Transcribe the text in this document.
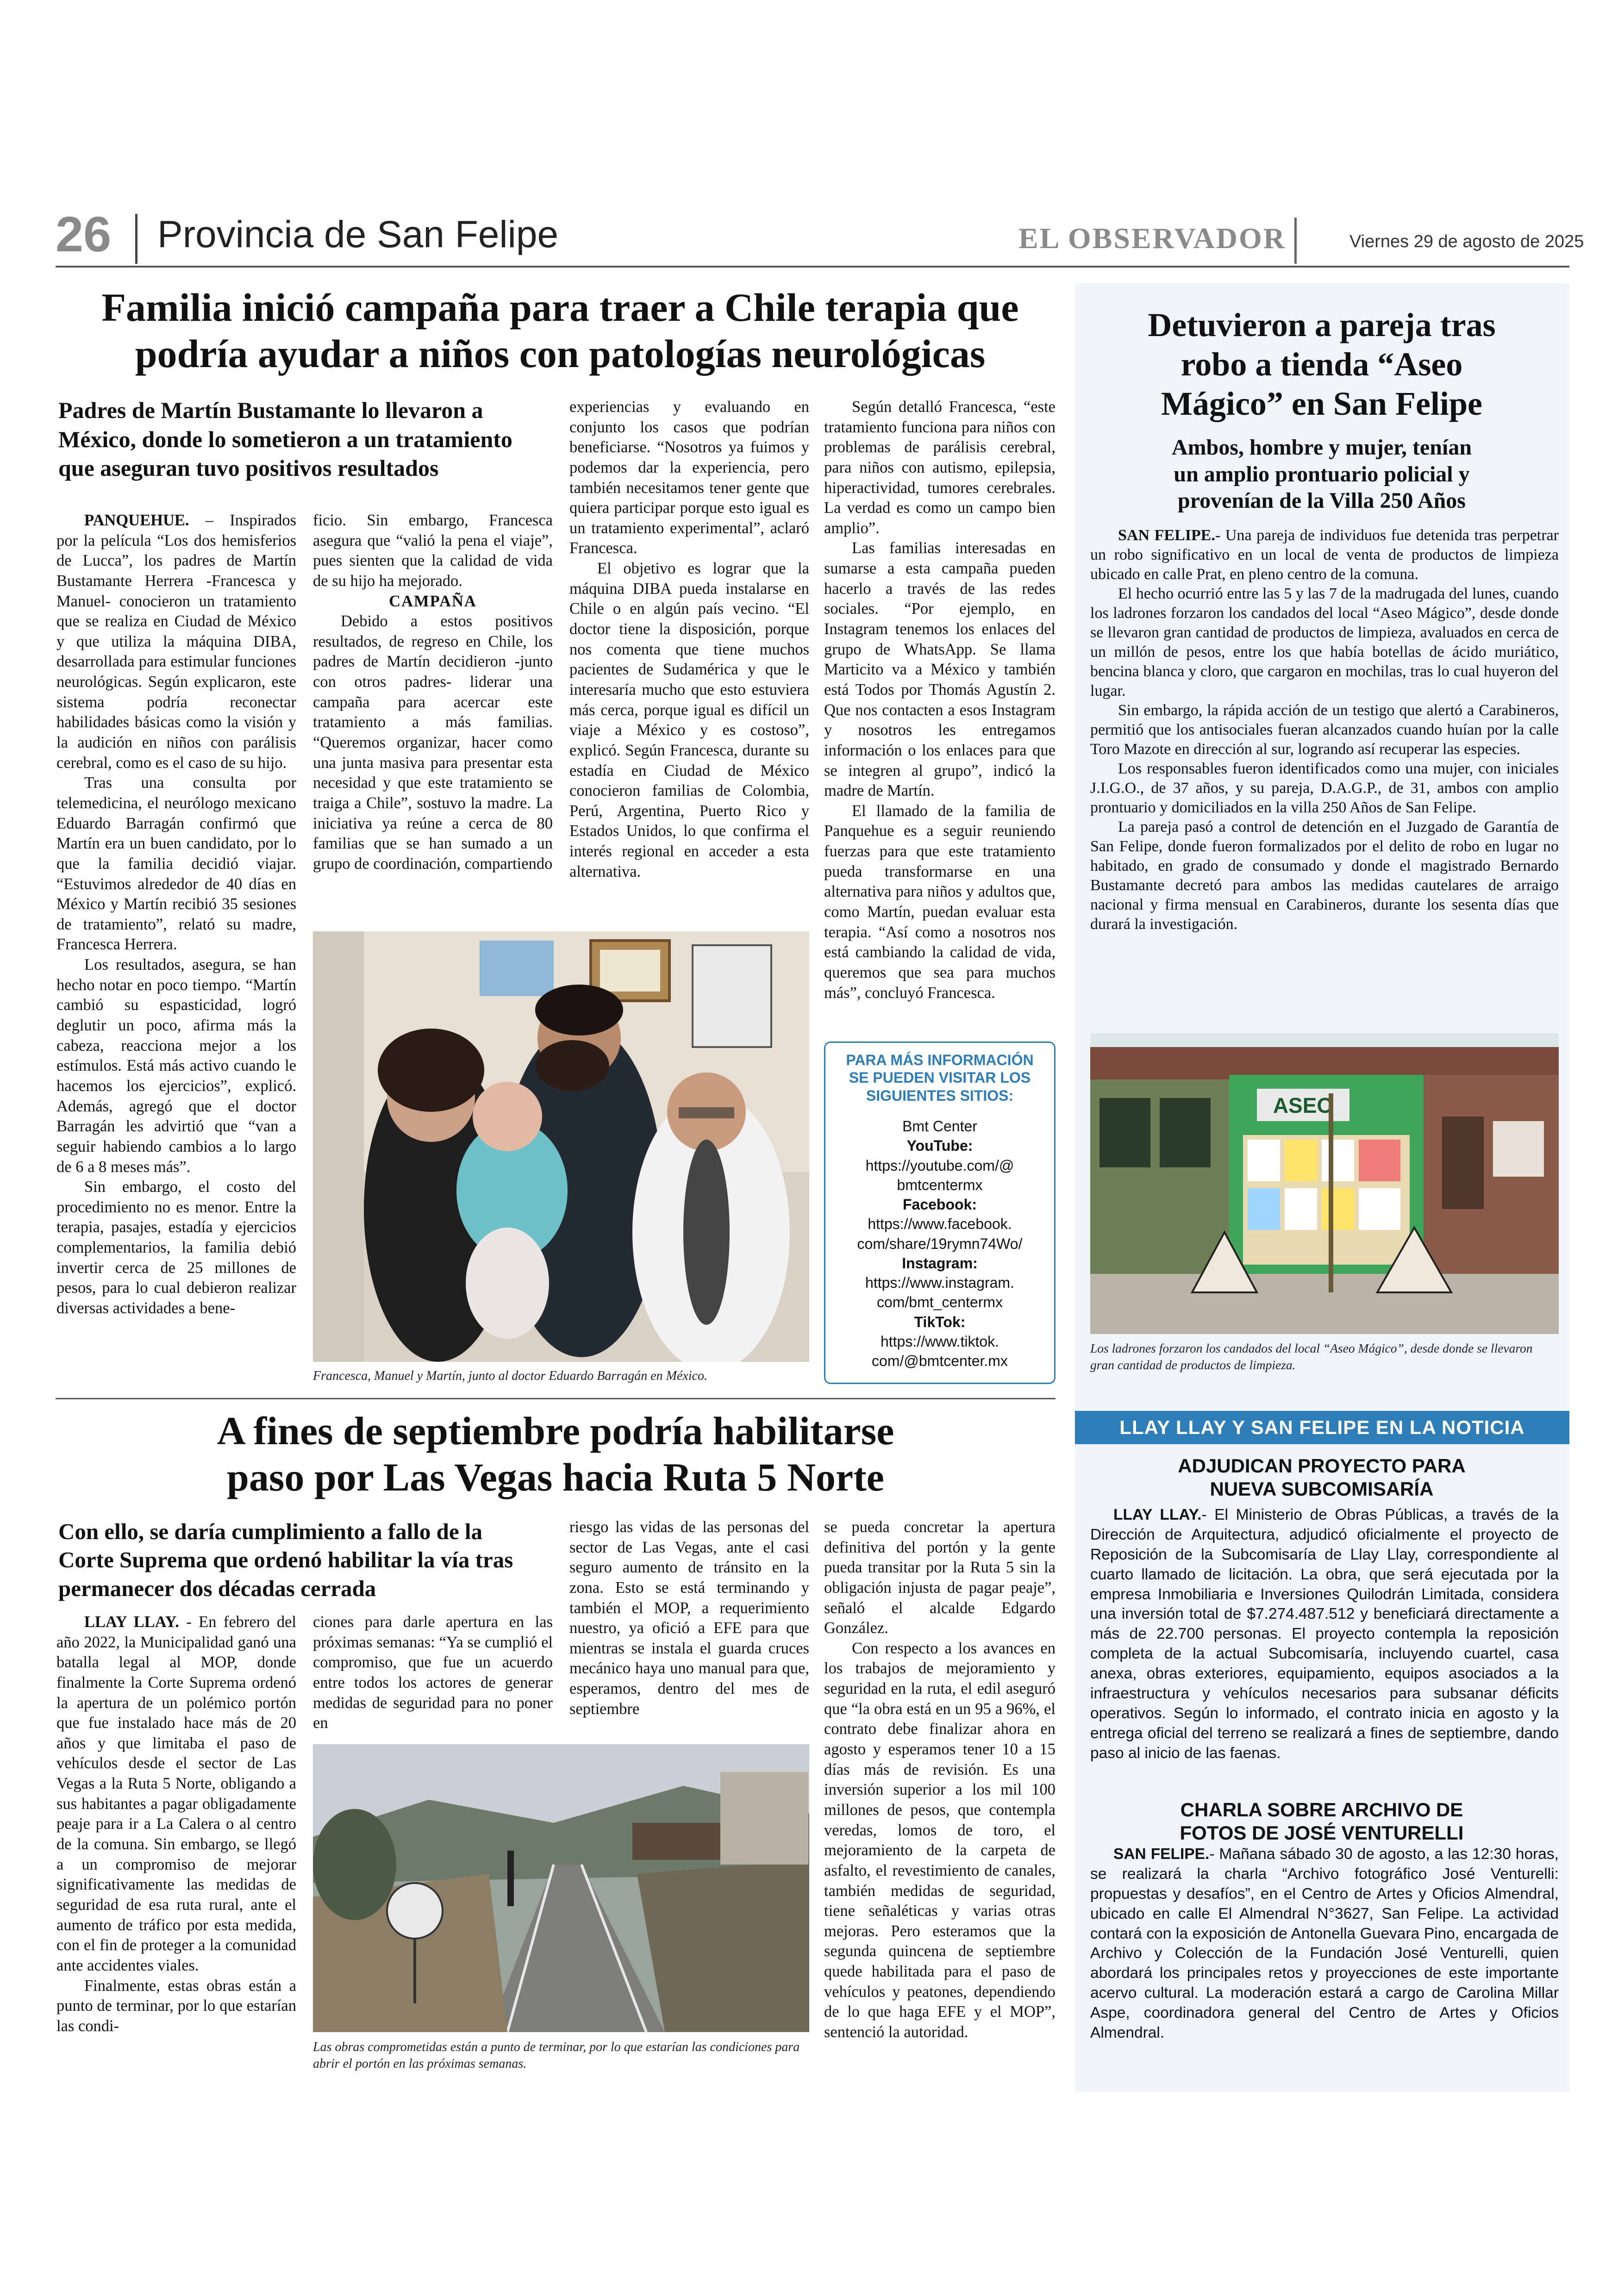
26 Provincia de San Felipe	EL OBSERVADOR	Viernes 29 de agosto de 2025
Familia inició campaña para traer a Chile terapia que
podría ayudar a niños con patologías neurológicas
Padres de Martín Bustamante lo llevaron a México, donde lo sometieron a un tratamiento que aseguran tuvo positivos resultados

PANQUEHUE. – Inspirados por la película “Los dos hemisferios de Lucca”, los padres de Martín Bustamante Herrera -Francesca y Manuel- conocieron un tratamiento que se realiza en Ciudad de México y que utiliza la máquina DIBA, desarrollada para estimular funciones neurológicas. Según explicaron, este sistema podría reconectar habilidades básicas como la visión y la audición en niños con parálisis cerebral, como es el caso de su hijo.

Tras una consulta por telemedicina, el neurólogo mexicano Eduardo Barragán confirmó que Martín era un buen candidato, por lo que la familia decidió viajar. “Estuvimos alrededor de 40 días en México y Martín recibió 35 sesiones de tratamiento”, relató su madre, Francesca Herrera.

Los resultados, asegura, se han hecho notar en poco tiempo. “Martín cambió su espasticidad, logró deglutir un poco, afirma más la cabeza, reacciona mejor a los estímulos. Está más activo cuando le hacemos los ejercicios”, explicó. Además, agregó que el doctor Barragán les advirtió que “van a seguir habiendo cambios a lo largo de 6 a 8 meses más”.

Sin embargo, el costo del procedimiento no es menor. Entre la terapia, pasajes, estadía y ejercicios complementarios, la familia debió invertir cerca de 25 millones de pesos, para lo cual debieron realizar diversas actividades a bene-

ficio. Sin embargo, Francesca asegura que “valió la pena el viaje”, pues sienten que la calidad de vida de su hijo ha mejorado.

CAMPAÑA

Debido a estos positivos resultados, de regreso en Chile, los padres de Martín decidieron -junto con otros padres- liderar una campaña para acercar este tratamiento a más familias. “Queremos organizar, hacer como una junta masiva para presentar esta necesidad y que este tratamiento se traiga a Chile”, sostuvo la madre. La iniciativa ya reúne a cerca de 80 familias que se han sumado a un grupo de coordinación, compartiendo

experiencias y evaluando en conjunto los casos que podrían beneficiarse. “Nosotros ya fuimos y podemos dar la experiencia, pero también necesitamos tener gente que quiera participar porque esto igual es un tratamiento experimental”, aclaró Francesca.

El objetivo es lograr que la máquina DIBA pueda instalarse en Chile o en algún país vecino. “El doctor tiene la disposición, porque nos comenta que tiene muchos pacientes de Sudamérica y que le interesaría mucho que esto estuviera más cerca, porque igual es difícil un viaje a México y es costoso”, explicó. Según Francesca, durante su estadía en Ciudad de México conocieron familias de Colombia, Perú, Argentina, Puerto Rico y Estados Unidos, lo que confirma el interés regional en acceder a esta alternativa.

Según detalló Francesca, “este tratamiento funciona para niños con problemas de parálisis cerebral, para niños con autismo, epilepsia, hiperactividad, tumores cerebrales. La verdad es como un campo bien amplio”.

Las familias interesadas en sumarse a esta campaña pueden hacerlo a través de las redes sociales. “Por ejemplo, en Instagram tenemos los enlaces del grupo de WhatsApp. Se llama Marticito va a México y también está Todos por Thomás Agustín 2. Que nos contacten a esos Instagram y nosotros les entregamos información o los enlaces para que se integren al grupo”, indicó la madre de Martín.

El llamado de la familia de Panquehue es a seguir reuniendo fuerzas para que este tratamiento pueda transformarse en una alternativa para niños y adultos que, como Martín, puedan evaluar esta terapia. “Así como a nosotros nos está cambiando la calidad de vida, queremos que sea para muchos más”, concluyó Francesca.

Francesca, Manuel y Martín, junto al doctor Eduardo Barragán en México.
PARA MÁS INFORMACIÓN
SE PUEDEN VISITAR LOS
SIGUIENTES SITIOS:
Bmt Center
YouTube:
https://youtube.com/@
bmtcentermx
Facebook:
https://www.facebook.
com/share/19rymn74Wo/
Instagram:
https://www.instagram.
com/bmt_centermx
TikTok:
https://www.tiktok.
com/@bmtcenter.mx
Detuvieron a pareja tras
robo a tienda “Aseo
Mágico” en San Felipe
Ambos, hombre y mujer, tenían
un amplio prontuario policial y
provenían de la Villa 250 Años

SAN FELIPE.- Una pareja de individuos fue detenida tras perpetrar un robo significativo en un local de venta de productos de limpieza ubicado en calle Prat, en pleno centro de la comuna.

El hecho ocurrió entre las 5 y las 7 de la madrugada del lunes, cuando los ladrones forzaron los candados del local “Aseo Mágico”, desde donde se llevaron gran cantidad de productos de limpieza, avaluados en cerca de un millón de pesos, entre los que había botellas de ácido muriático, bencina blanca y cloro, que cargaron en mochilas, tras lo cual huyeron del lugar.

Sin embargo, la rápida acción de un testigo que alertó a Carabineros, permitió que los antisociales fueran alcanzados cuando huían por la calle Toro Mazote en dirección al sur, logrando así recuperar las especies.

Los responsables fueron identificados como una mujer, con iniciales J.I.G.O., de 37 años, y su pareja, D.A.G.P., de 31, ambos con amplio prontuario y domiciliados en la villa 250 Años de San Felipe.

La pareja pasó a control de detención en el Juzgado de Garantía de San Felipe, donde fueron formalizados por el delito de robo en lugar no habitado, en grado de consumado y donde el magistrado Bernardo Bustamante decretó para ambos las medidas cautelares de arraigo nacional y firma mensual en Carabineros, durante los sesenta días que durará la investigación.

ASEO
Los ladrones forzaron los candados del local “Aseo Mágico”, desde donde se llevaron gran cantidad de productos de limpieza.
A fines de septiembre podría habilitarse
paso por Las Vegas hacia Ruta 5 Norte
Con ello, se daría cumplimiento a fallo de la Corte Suprema que ordenó habilitar la vía tras permanecer dos décadas cerrada

LLAY LLAY. - En febrero del año 2022, la Municipalidad ganó una batalla legal al MOP, donde finalmente la Corte Suprema ordenó la apertura de un polémico portón que fue instalado hace más de 20 años y que limitaba el paso de vehículos desde el sector de Las Vegas a la Ruta 5 Norte, obligando a sus habitantes a pagar obligadamente peaje para ir a La Calera o al centro de la comuna. Sin embargo, se llegó a un compromiso de mejorar significativamente las medidas de seguridad de esa ruta rural, ante el aumento de tráfico por esta medida, con el fin de proteger a la comunidad ante accidentes viales.

Finalmente, estas obras están a punto de terminar, por lo que estarían las condi-

ciones para darle apertura en las próximas semanas: “Ya se cumplió el compromiso, que fue un acuerdo entre todos los actores de generar medidas de seguridad para no poner en

riesgo las vidas de las personas del sector de Las Vegas, ante el casi seguro aumento de tránsito en la zona. Esto se está terminando y también el MOP, a requerimiento nuestro, ya ofició a EFE para que mientras se instala el guarda cruces mecánico haya uno manual para que, esperamos, dentro del mes de septiembre

se pueda concretar la apertura definitiva del portón y la gente pueda transitar por la Ruta 5 sin la obligación injusta de pagar peaje”, señaló el alcalde Edgardo González.

Con respecto a los avances en los trabajos de mejoramiento y seguridad en la ruta, el edil aseguró que “la obra está en un 95 a 96%, el contrato debe finalizar ahora en agosto y esperamos tener 10 a 15 días más de revisión. Es una inversión superior a los mil 100 millones de pesos, que contempla veredas, lomos de toro, el mejoramiento de la carpeta de asfalto, el revestimiento de canales, también medidas de seguridad, tiene señaléticas y varias otras mejoras. Pero esteramos que la segunda quincena de septiembre quede habilitada para el paso de vehículos y peatones, dependiendo de lo que haga EFE y el MOP”, sentenció la autoridad.

Las obras comprometidas están a punto de terminar, por lo que estarían las condiciones para abrir el portón en las próximas semanas.
LLAY LLAY Y SAN FELIPE EN LA NOTICIA
ADJUDICAN PROYECTO PARA
NUEVA SUBCOMISARÍA

LLAY LLAY.- El Ministerio de Obras Públicas, a través de la Dirección de Arquitectura, adjudicó oficialmente el proyecto de Reposición de la Subcomisaría de Llay Llay, correspondiente al cuarto llamado de licitación. La obra, que será ejecutada por la empresa Inmobiliaria e Inversiones Quilodrán Limitada, considera una inversión total de $7.274.487.512 y beneficiará directamente a más de 22.700 personas. El proyecto contempla la reposición completa de la actual Subcomisaría, incluyendo cuartel, casa anexa, obras exteriores, equipamiento, equipos asociados a la infraestructura y vehículos necesarios para subsanar déficits operativos. Según lo informado, el contrato inicia en agosto y la entrega oficial del terreno se realizará a fines de septiembre, dando paso al inicio de las faenas.

CHARLA SOBRE ARCHIVO DE
FOTOS DE JOSÉ VENTURELLI

SAN FELIPE.- Mañana sábado 30 de agosto, a las 12:30 horas, se realizará la charla “Archivo fotográfico José Venturelli: propuestas y desafíos”, en el Centro de Artes y Oficios Almendral, ubicado en calle El Almendral N°3627, San Felipe. La actividad contará con la exposición de Antonella Guevara Pino, encargada de Archivo y Colección de la Fundación José Venturelli, quien abordará los principales retos y proyecciones de este importante acervo cultural. La moderación estará a cargo de Carolina Millar Aspe, coordinadora general del Centro de Artes y Oficios Almendral.
